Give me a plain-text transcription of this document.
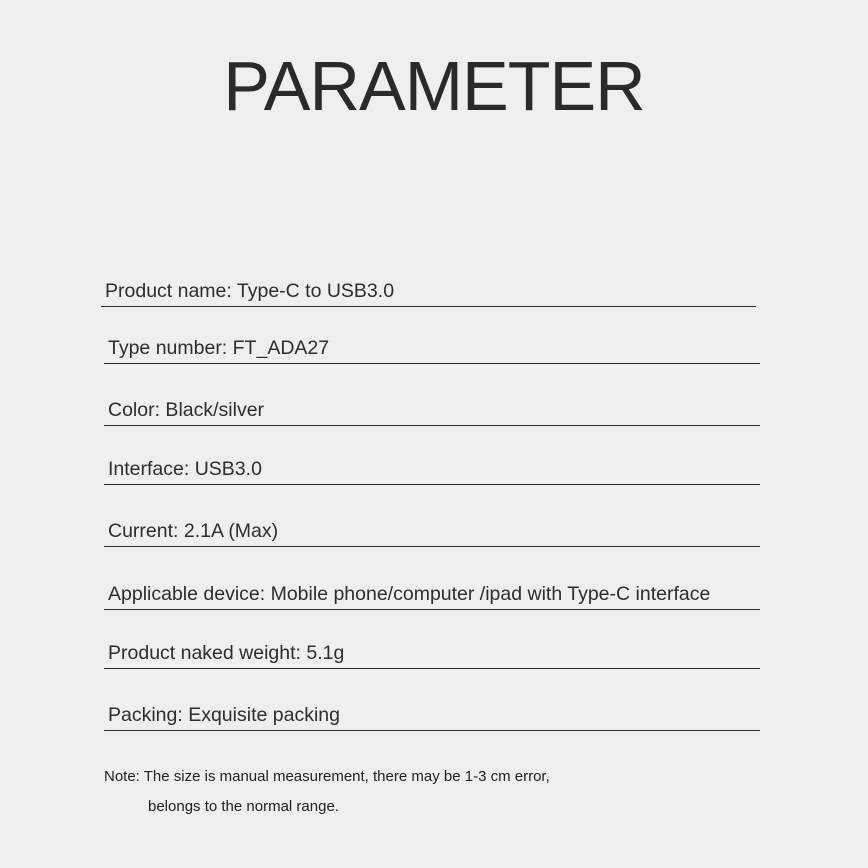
PARAMETER
Product name: Type-C to USB3.0
Type number: FT_ADA27
Color: Black/silver
Interface: USB3.0
Current: 2.1A (Max)
Applicable device: Mobile phone/computer /ipad with Type-C interface
Product naked weight: 5.1g
Packing: Exquisite packing
Note: The size is manual measurement, there may be 1-3 cm error,
belongs to the normal range.
